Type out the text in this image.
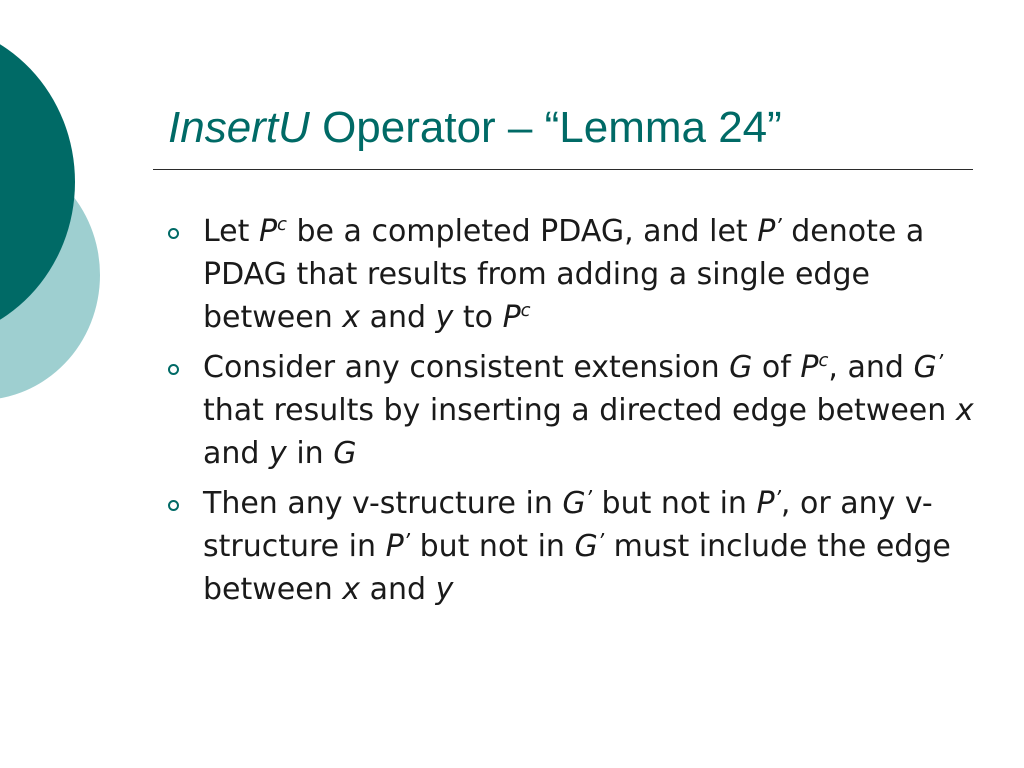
InsertU Operator – “Lemma 24”
Let $P^c$ be a completed PDAG, and let P’ denote a PDAG that results from adding a single edge between x and y to $P^c$
Consider any consistent extension G of $P^c$, and G’ that results by inserting a directed edge between x and y in G
Then any v-structure in G’ but not in P’, or any v-structure in P’ but not in G’ must include the edge between x and y
